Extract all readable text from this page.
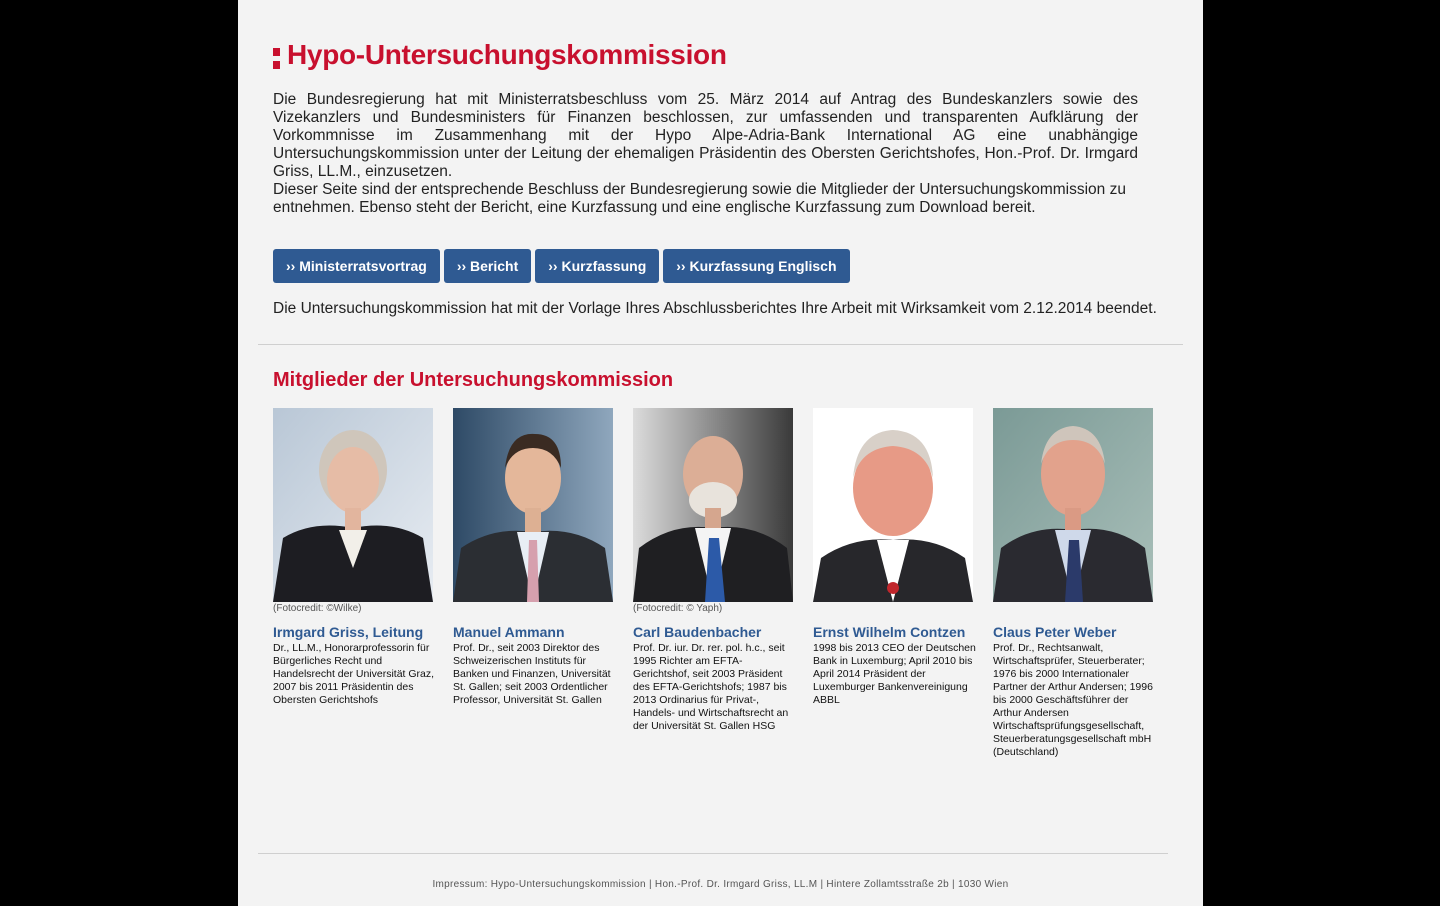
Hypo-Untersuchungskommission

Die Bundesregierung hat mit Ministerratsbeschluss vom 25. März 2014 auf Antrag des Bundeskanzlers sowie des Vizekanzlers und Bundesministers für Finanzen beschlossen, zur umfassenden und transparenten Aufklärung der Vorkommnisse im Zusammenhang mit der Hypo Alpe-Adria-Bank International AG eine unabhängige Untersuchungskommission unter der Leitung der ehemaligen Präsidentin des Obersten Gerichtshofes, Hon.-Prof. Dr. Irmgard Griss, LL.M., einzusetzen.

Dieser Seite sind der entsprechende Beschluss der Bundesregierung sowie die Mitglieder der Untersuchungskommission zu entnehmen. Ebenso steht der Bericht, eine Kurzfassung und eine englische Kurzfassung zum Download bereit.

›› Ministerratsvortrag	›› Bericht	›› Kurzfassung	›› Kurzfassung Englisch
Die Untersuchungskommission hat mit der Vorlage Ihres Abschlussberichtes Ihre Arbeit mit Wirksamkeit vom 2.12.2014 beendet.
Mitglieder der Untersuchungskommission
(Fotocredit: ©Wilke)
Irmgard Griss, Leitung
Dr., LL.M., Honorarprofessorin für Bürgerliches Recht und Handelsrecht der Universität Graz, 2007 bis 2011 Präsidentin des Obersten Gerichtshofs
Manuel Ammann
Prof. Dr., seit 2003 Direktor des Schweizerischen Instituts für Banken und Finanzen, Universität St. Gallen; seit 2003 Ordentlicher Professor, Universität St. Gallen
(Fotocredit: © Yaph)
Carl Baudenbacher
Prof. Dr. iur. Dr. rer. pol. h.c., seit 1995 Richter am EFTA-Gerichtshof, seit 2003 Präsident des EFTA-Gerichtshofs; 1987 bis 2013 Ordinarius für Privat-, Handels- und Wirtschaftsrecht an der Universität St. Gallen HSG
Ernst Wilhelm Contzen
1998 bis 2013 CEO der Deutschen Bank in Luxemburg; April 2010 bis April 2014 Präsident der Luxemburger Bankenvereinigung ABBL
Claus Peter Weber
Prof. Dr., Rechtsanwalt, Wirtschaftsprüfer, Steuerberater; 1976 bis 2000 Internationaler Partner der Arthur Andersen; 1996 bis 2000 Geschäftsführer der Arthur Andersen Wirtschaftsprüfungsgesellschaft, Steuerberatungsgesellschaft mbH (Deutschland)
Impressum: Hypo-Untersuchungskommission | Hon.-Prof. Dr. Irmgard Griss, LL.M | Hintere Zollamtsstraße 2b | 1030 Wien
